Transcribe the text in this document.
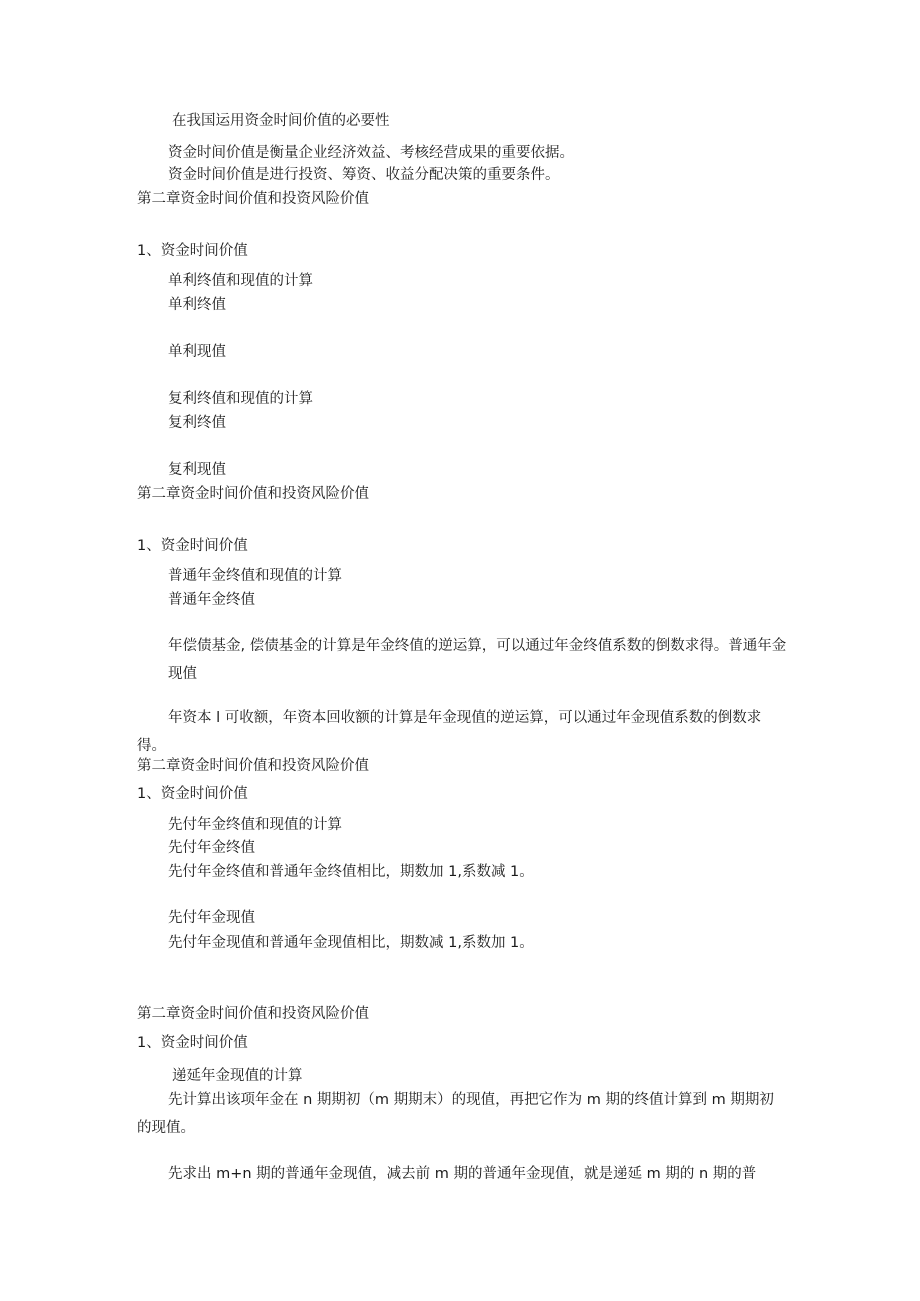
在我国运用资金时间价值的必要性

资金时间价值是衡量企业经济效益、考核经营成果的重要依据。

资金时间价值是进行投资、筹资、收益分配决策的重要条件。

第二章资金时间价值和投资风险价值

1、资金时间价值

单利终值和现值的计算

单利终值

单利现值

复利终值和现值的计算

复利终值

复利现值

第二章资金时间价值和投资风险价值

1、资金时间价值

普通年金终值和现值的计算

普通年金终值

年偿债基金, 偿债基金的计算是年金终值的逆运算，可以通过年金终值系数的倒数求得。普通年金现值

年资本 l 可收额，年资本回收额的计算是年金现值的逆运算，可以通过年金现值系数的倒数求得。

第二章资金时间价值和投资风险价值

1、资金时间价值

先付年金终值和现值的计算

先付年金终值

先付年金终值和普通年金终值相比，期数加 1,系数减 1。

先付年金现值

先付年金现值和普通年金现值相比，期数减 1,系数加 1。

第二章资金时间价值和投资风险价值

1、资金时间价值

递延年金现值的计算

先计算出该项年金在 n 期期初（m 期期末）的现值，再把它作为 m 期的终值计算到 m 期期初的现值。

先求出 m+n 期的普通年金现值，减去前 m 期的普通年金现值，就是递延 m 期的 n 期的普
